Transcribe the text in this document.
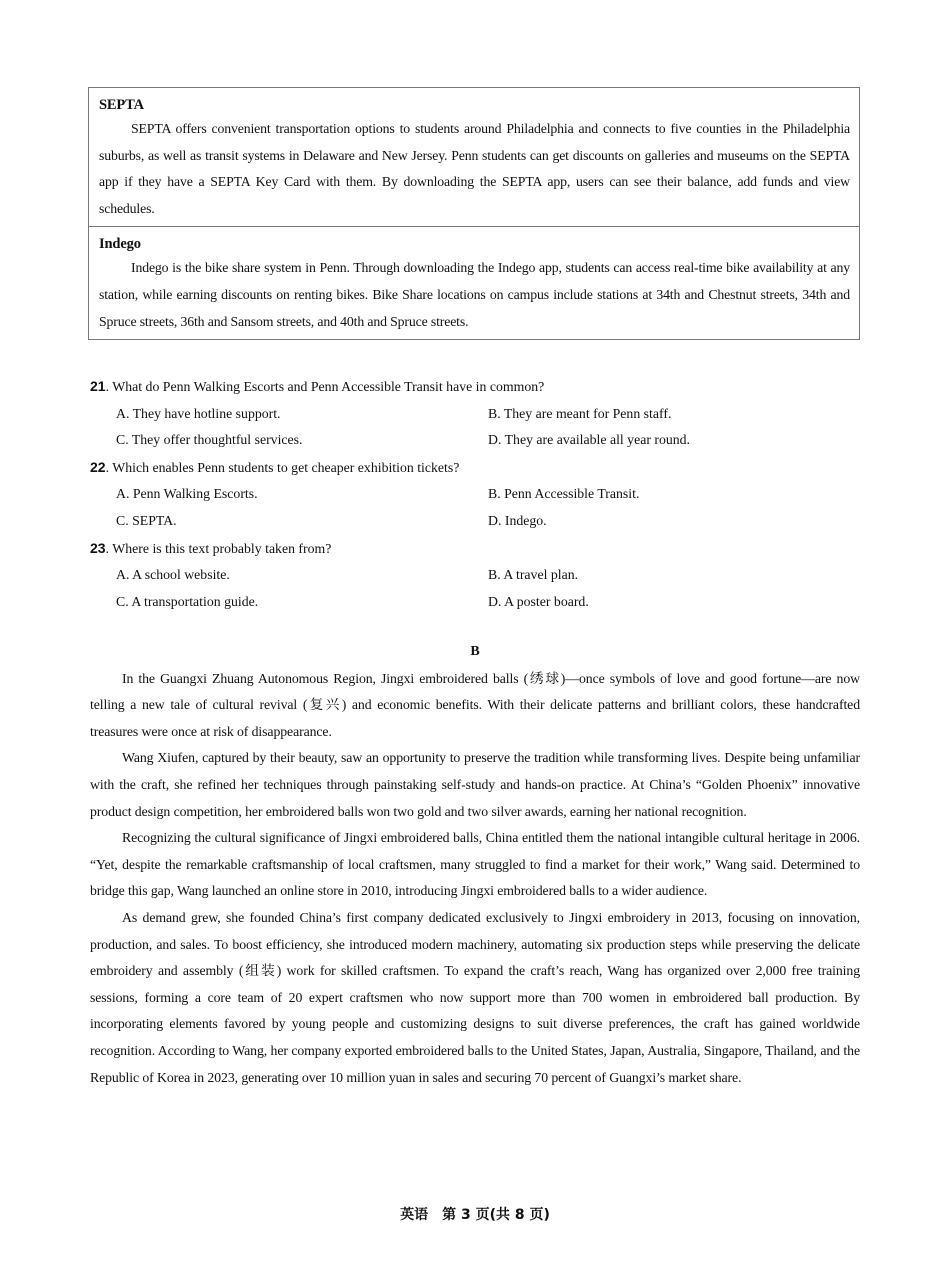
SEPTA

SEPTA offers convenient transportation options to students around Philadelphia and connects to five counties in the Philadelphia suburbs, as well as transit systems in Delaware and New Jersey. Penn students can get discounts on galleries and museums on the SEPTA app if they have a SEPTA Key Card with them. By downloading the SEPTA app, users can see their balance, add funds and view schedules.

Indego

Indego is the bike share system in Penn. Through downloading the Indego app, students can access real-time bike availability at any station, while earning discounts on renting bikes. Bike Share locations on campus include stations at 34th and Chestnut streets, 34th and Spruce streets, 36th and Sansom streets, and 40th and Spruce streets.

21. What do Penn Walking Escorts and Penn Accessible Transit have in common?
A. They have hotline support.	B. They are meant for Penn staff.
C. They offer thoughtful services.	D. They are available all year round.
22. Which enables Penn students to get cheaper exhibition tickets?
A. Penn Walking Escorts.	B. Penn Accessible Transit.
C. SEPTA.	D. Indego.
23. Where is this text probably taken from?
A. A school website.	B. A travel plan.
C. A transportation guide.	D. A poster board.
B

In the Guangxi Zhuang Autonomous Region, Jingxi embroidered balls (绣球)—once symbols of love and good fortune—are now telling a new tale of cultural revival (复兴) and economic benefits. With their delicate patterns and brilliant colors, these handcrafted treasures were once at risk of disappearance.

Wang Xiufen, captured by their beauty, saw an opportunity to preserve the tradition while transforming lives. Despite being unfamiliar with the craft, she refined her techniques through painstaking self-study and hands-on practice. At China’s “Golden Phoenix” innovative product design competition, her embroidered balls won two gold and two silver awards, earning her national recognition.

Recognizing the cultural significance of Jingxi embroidered balls, China entitled them the national intangible cultural heritage in 2006. “Yet, despite the remarkable craftsmanship of local craftsmen, many struggled to find a market for their work,” Wang said. Determined to bridge this gap, Wang launched an online store in 2010, introducing Jingxi embroidered balls to a wider audience.

As demand grew, she founded China’s first company dedicated exclusively to Jingxi embroidery in 2013, focusing on innovation, production, and sales. To boost efficiency, she introduced modern machinery, automating six production steps while preserving the delicate embroidery and assembly (组装) work for skilled craftsmen. To expand the craft’s reach, Wang has organized over 2,000 free training sessions, forming a core team of 20 expert craftsmen who now support more than 700 women in embroidered ball production. By incorporating elements favored by young people and customizing designs to suit diverse preferences, the craft has gained worldwide recognition. According to Wang, her company exported embroidered balls to the United States, Japan, Australia, Singapore, Thailand, and the Republic of Korea in 2023, generating over 10 million yuan in sales and securing 70 percent of Guangxi’s market share.

英语　第 3 页(共 8 页)
